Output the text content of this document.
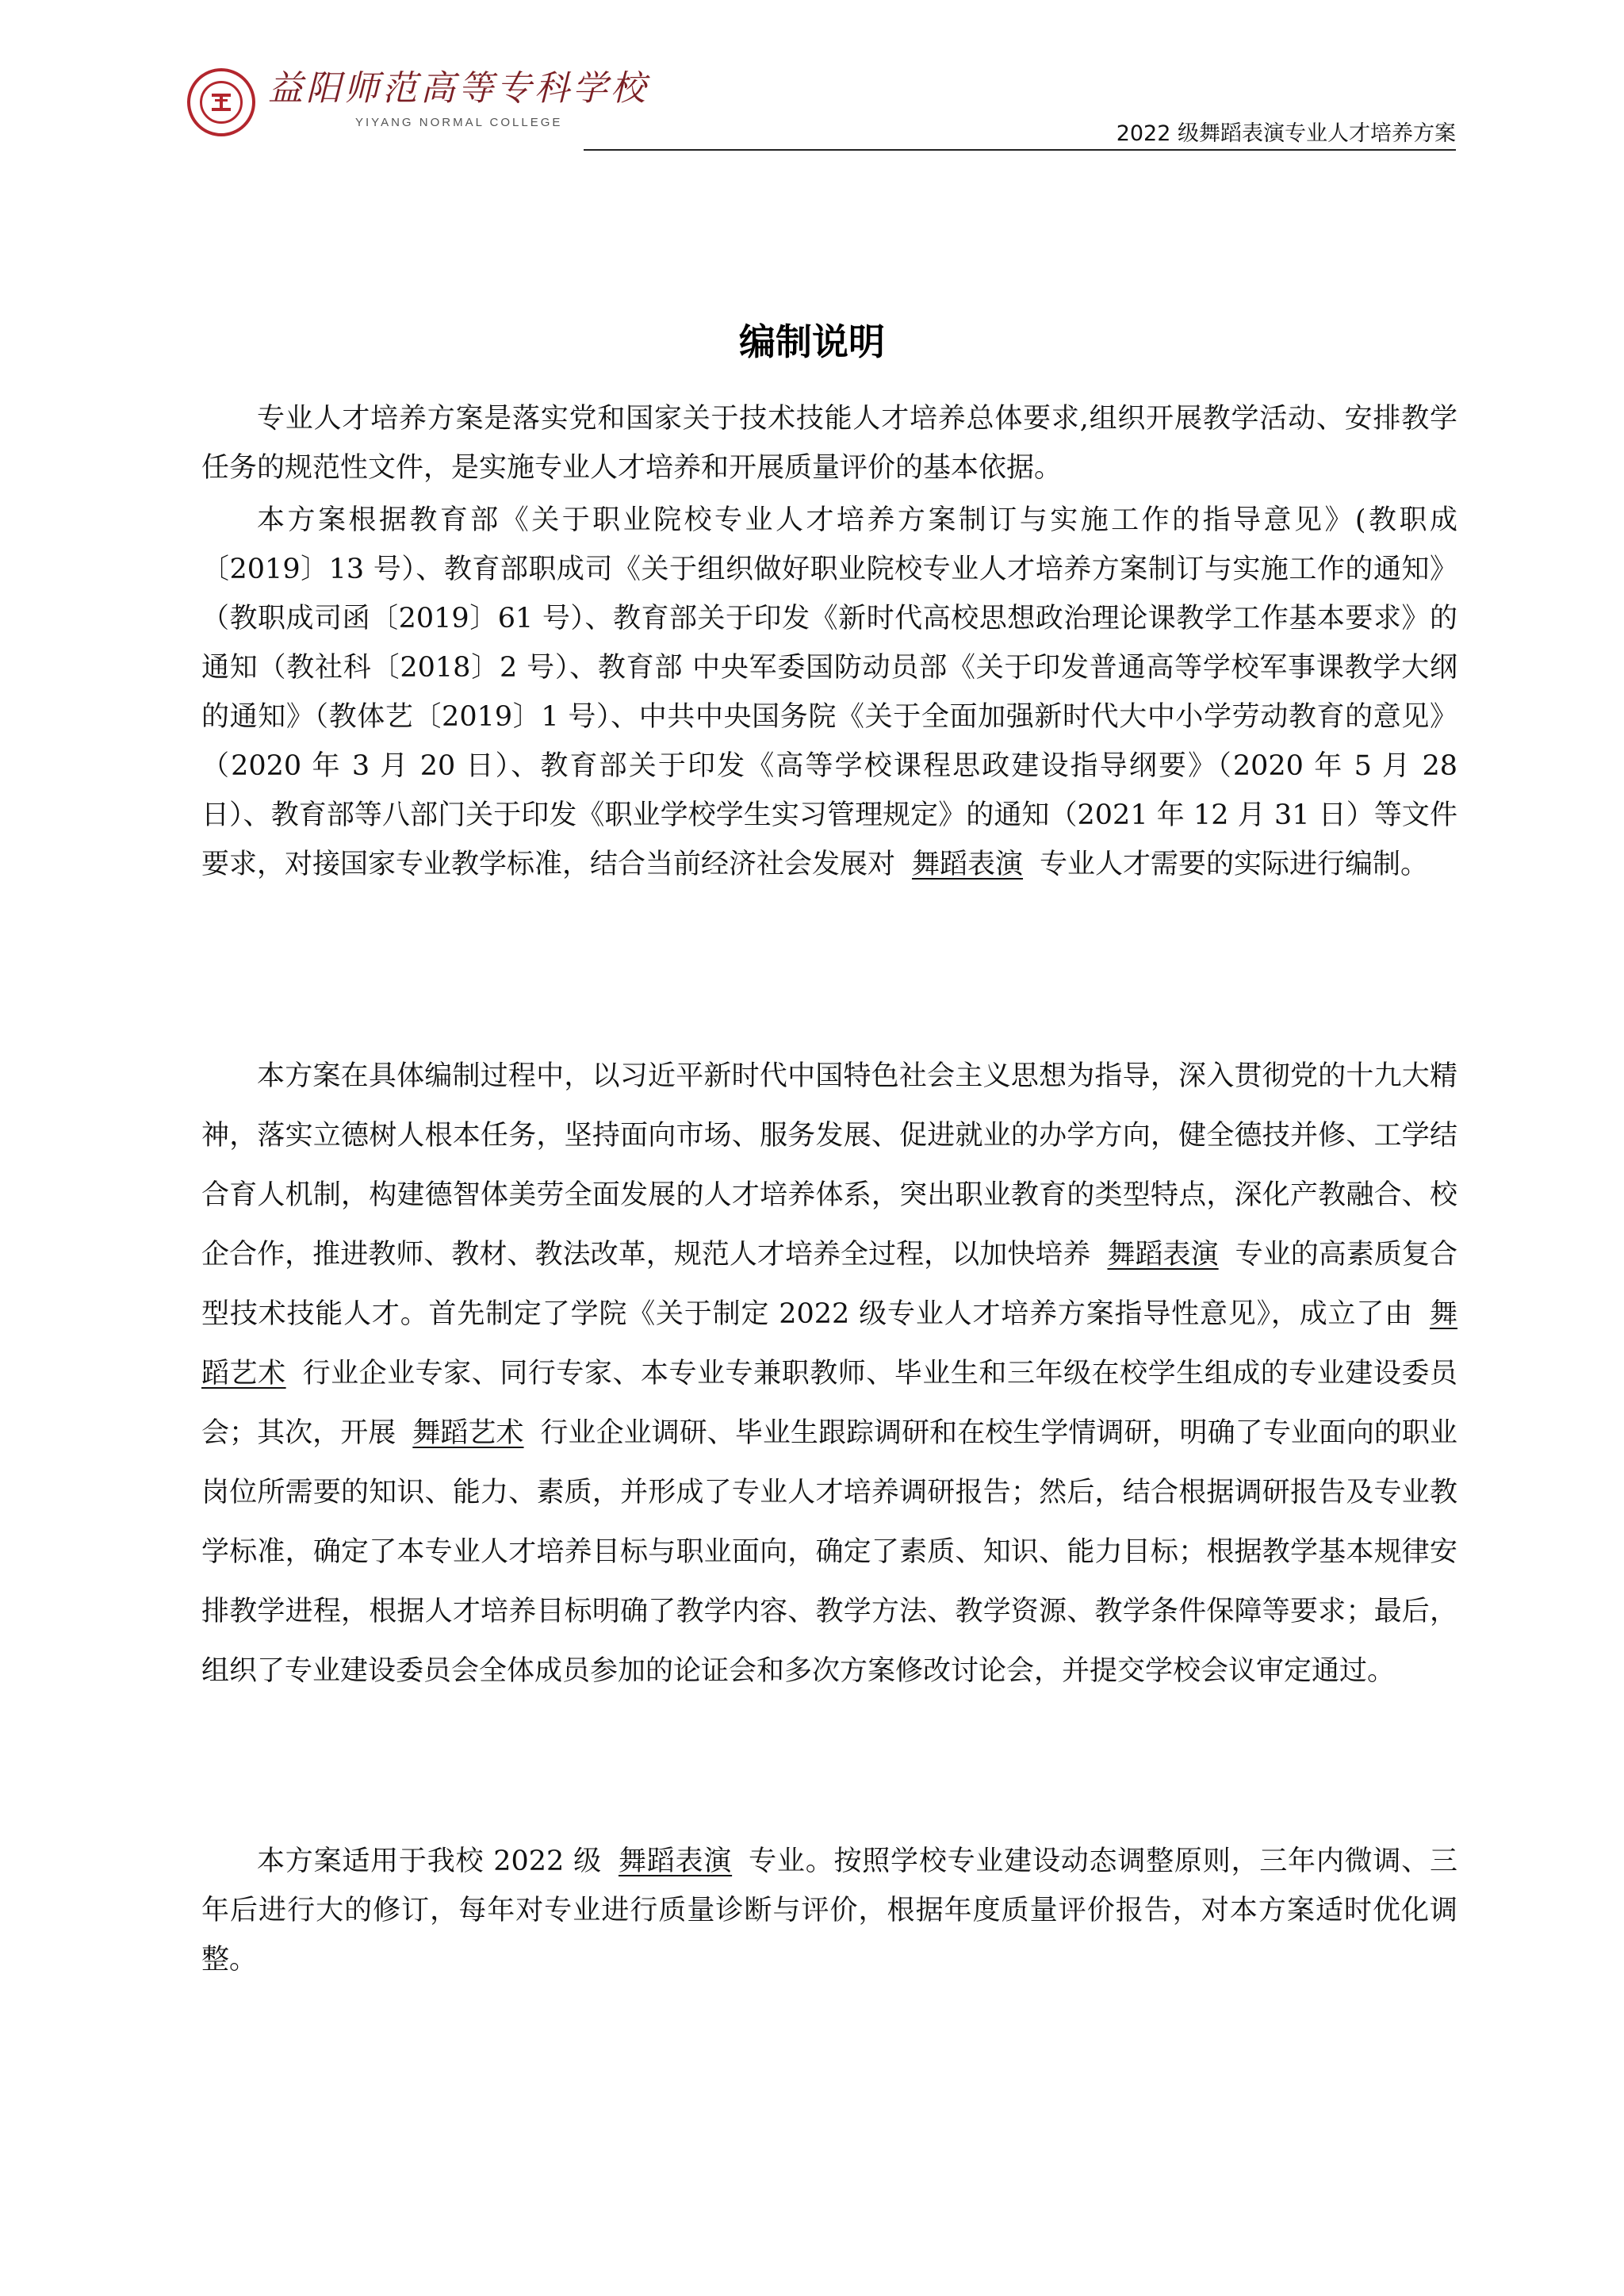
益阳师范高等专科学校
YIYANG NORMAL COLLEGE	2022 级舞蹈表演专业人才培养方案
编制说明

专业人才培养方案是落实党和国家关于技术技能人才培养总体要求,组织开展教学活动、安排教学任务的规范性文件，是实施专业人才培养和开展质量评价的基本依据。

本方案根据教育部《关于职业院校专业人才培养方案制订与实施工作的指导意见》(教职成〔2019〕13 号）、教育部职成司《关于组织做好职业院校专业人才培养方案制订与实施工作的通知》（教职成司函〔2019〕61 号）、教育部关于印发《新时代高校思想政治理论课教学工作基本要求》的通知（教社科〔2018〕2 号）、教育部 中央军委国防动员部《关于印发普通高等学校军事课教学大纲的通知》（教体艺〔2019〕1 号）、中共中央国务院《关于全面加强新时代大中小学劳动教育的意见》（2020 年 3 月 20 日）、教育部关于印发《高等学校课程思政建设指导纲要》（2020 年 5 月 28 日）、教育部等八部门关于印发《职业学校学生实习管理规定》的通知（2021 年 12 月 31 日）等文件要求，对接国家专业教学标准，结合当前经济社会发展对 舞蹈表演 专业人才需要的实际进行编制。

本方案在具体编制过程中，以习近平新时代中国特色社会主义思想为指导，深入贯彻党的十九大精神，落实立德树人根本任务，坚持面向市场、服务发展、促进就业的办学方向，健全德技并修、工学结合育人机制，构建德智体美劳全面发展的人才培养体系，突出职业教育的类型特点，深化产教融合、校企合作，推进教师、教材、教法改革，规范人才培养全过程，以加快培养 舞蹈表演 专业的高素质复合型技术技能人才。首先制定了学院《关于制定 2022 级专业人才培养方案指导性意见》，成立了由 舞蹈艺术 行业企业专家、同行专家、本专业专兼职教师、毕业生和三年级在校学生组成的专业建设委员会；其次，开展 舞蹈艺术 行业企业调研、毕业生跟踪调研和在校生学情调研，明确了专业面向的职业岗位所需要的知识、能力、素质，并形成了专业人才培养调研报告；然后，结合根据调研报告及专业教学标准，确定了本专业人才培养目标与职业面向，确定了素质、知识、能力目标；根据教学基本规律安排教学进程，根据人才培养目标明确了教学内容、教学方法、教学资源、教学条件保障等要求；最后，组织了专业建设委员会全体成员参加的论证会和多次方案修改讨论会，并提交学校会议审定通过。

本方案适用于我校 2022 级 舞蹈表演 专业。按照学校专业建设动态调整原则，三年内微调、三年后进行大的修订，每年对专业进行质量诊断与评价，根据年度质量评价报告，对本方案适时优化调整。
